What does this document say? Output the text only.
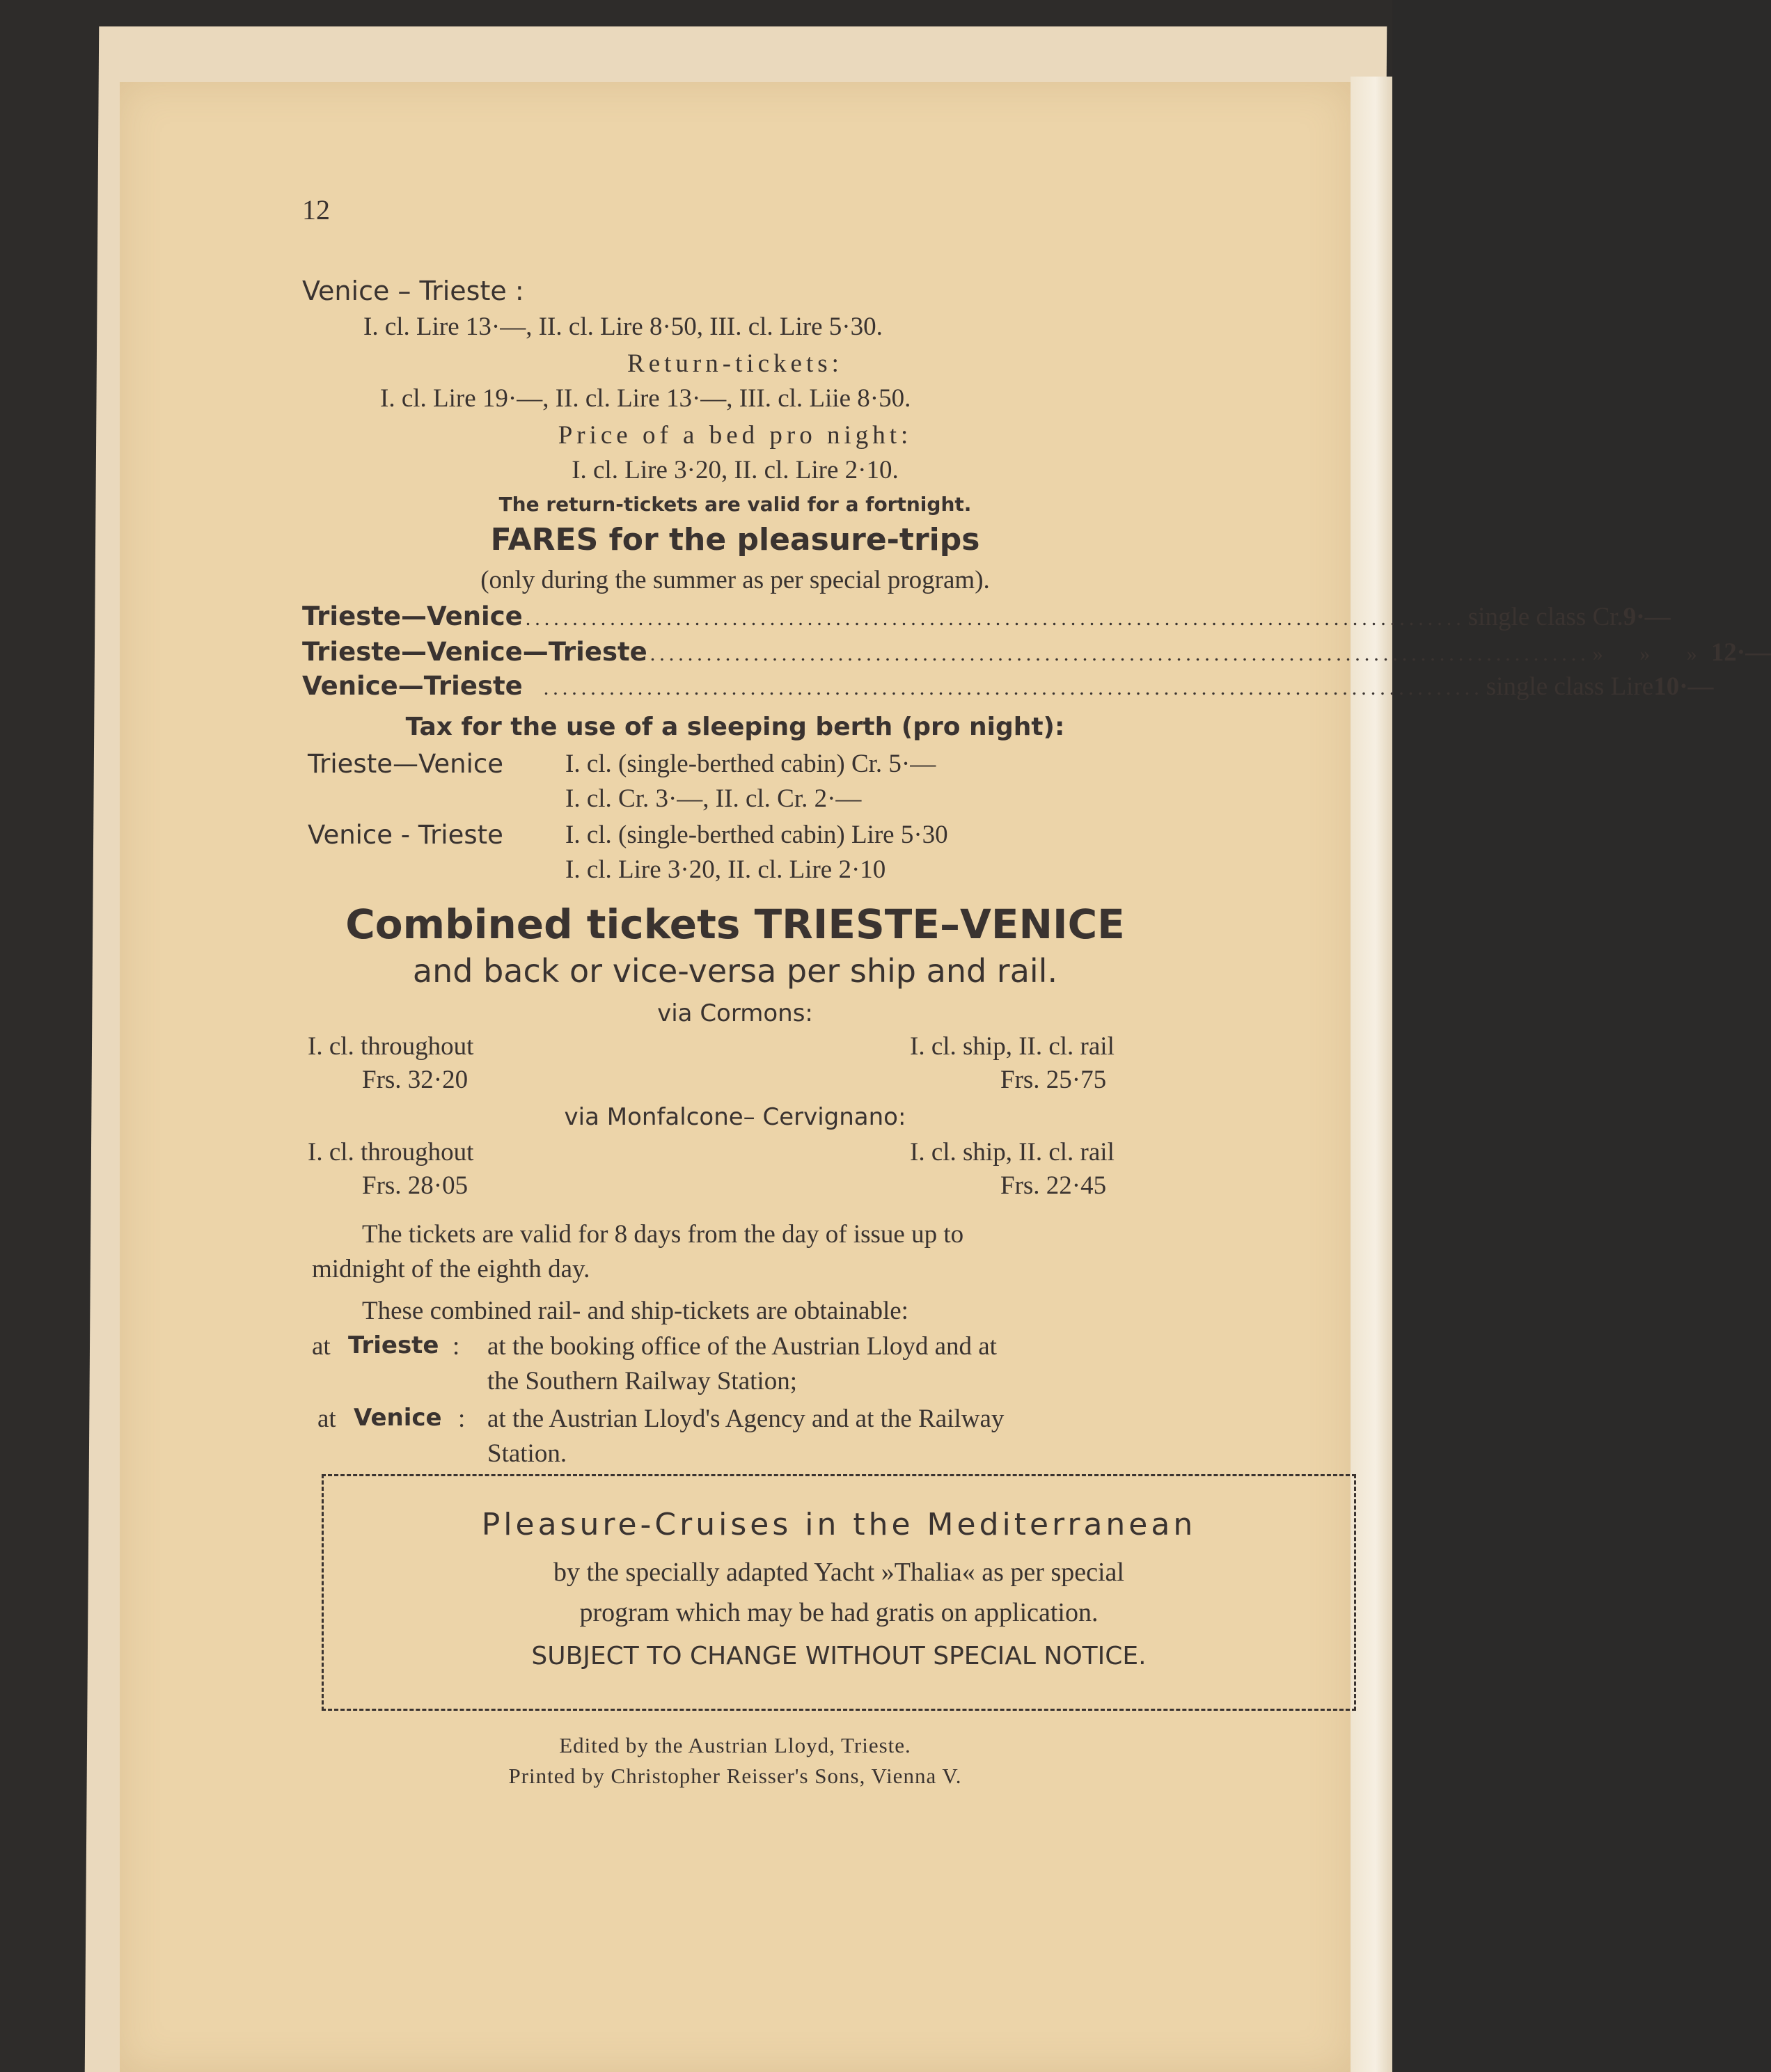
12
Venice – Trieste :
I. cl. Lire 13·—, II. cl. Lire 8·50, III. cl. Lire 5·30.
Return-tickets:
I. cl. Lire 19·—, II. cl. Lire 13·—, III. cl. Liie 8·50.
Price of a bed pro night:
I. cl. Lire 3·20, II. cl. Lire 2·10.
The return-tickets are valid for a fortnight.
FARES for the pleasure-trips
(only during the summer as per special program).
Trieste—Venice .................................................................................................... single class Cr. 9·—
Trieste—Venice—Trieste .................................................................................................... »       »       » 12·—
Venice—Trieste .................................................................................................... single class Lire 10·—
Tax for the use of a sleeping berth (pro night):
Trieste—Venice I. cl. (single-berthed cabin) Cr. 5·—
I. cl. Cr. 3·—, II. cl. Cr. 2·—
Venice - Trieste I. cl. (single-berthed cabin) Lire 5·30
I. cl. Lire 3·20, II. cl. Lire 2·10
Combined tickets TRIESTE–VENICE
and back or vice-versa per ship and rail.
via Cormons:
I. cl. throughout
Frs. 32·20
I. cl. ship, II. cl. rail
Frs. 25·75
via Monfalcone– Cervignano:
I. cl. throughout
Frs. 28·05
I. cl. ship, II. cl. rail
Frs. 22·45
The tickets are valid for 8 days from the day of issue up to
midnight of the eighth day.
These combined rail- and ship-tickets are obtainable:
at Trieste : at the booking office of the Austrian Lloyd and at
the Southern Railway Station;
at Venice : at the Austrian Lloyd's Agency and at the Railway
Station.
Pleasure-Cruises in the Mediterranean
by the specially adapted Yacht »Thalia« as per special
program which may be had gratis on application.
SUBJECT TO CHANGE WITHOUT SPECIAL NOTICE.
Edited by the Austrian Lloyd, Trieste.
Printed by Christopher Reisser's Sons, Vienna V.
